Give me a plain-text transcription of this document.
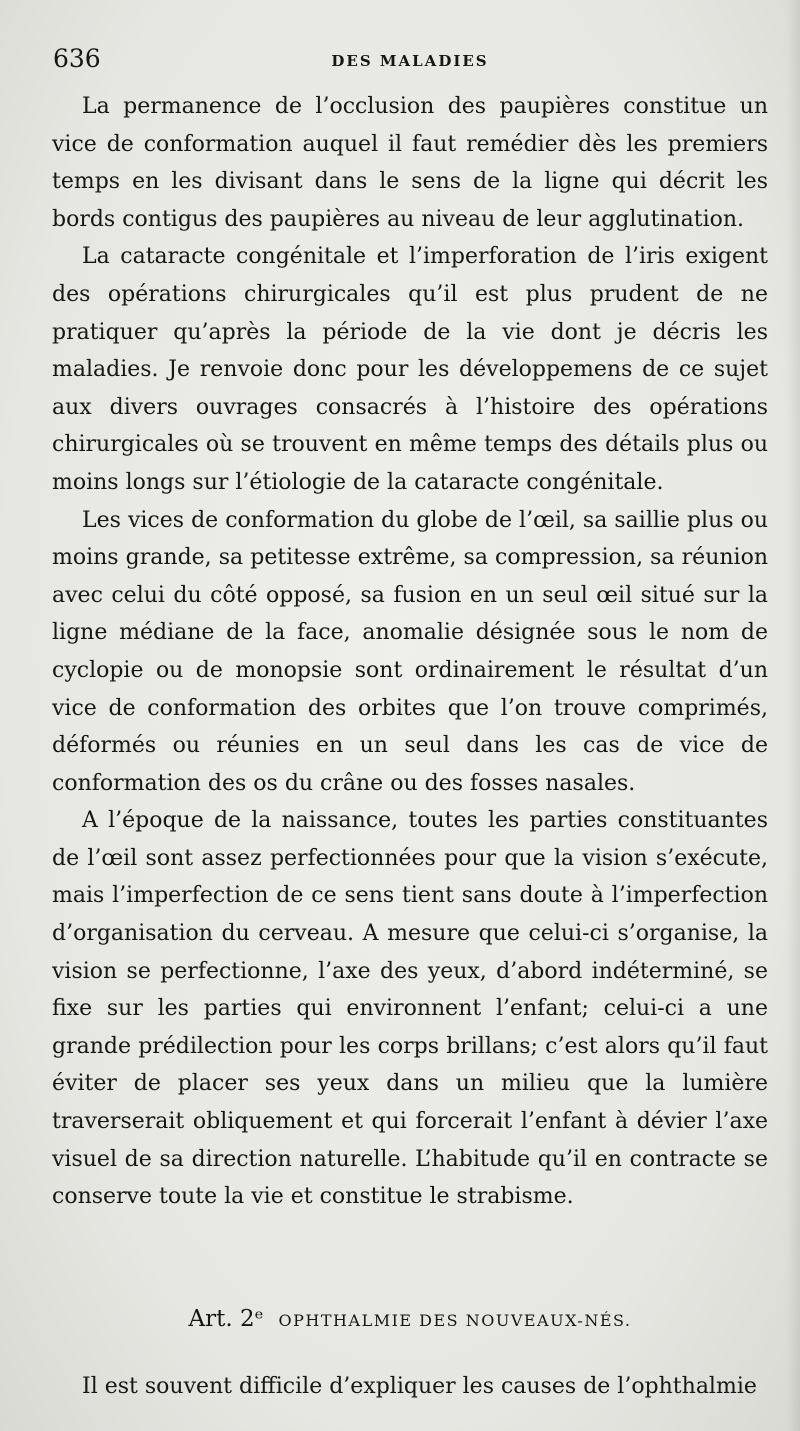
636	DES MALADIES

La permanence de l’occlusion des paupières constitue un vice de conformation auquel il faut remédier dès les premiers temps en les divisant dans le sens de la ligne qui décrit les bords contigus des paupières au niveau de leur agglutination.

La cataracte congénitale et l’imperforation de l’iris exigent des opérations chirurgicales qu’il est plus prudent de ne pratiquer qu’après la période de la vie dont je décris les maladies. Je renvoie donc pour les développemens de ce sujet aux divers ouvrages consacrés à l’histoire des opérations chirurgicales où se trouvent en même temps des détails plus ou moins longs sur l’étiologie de la cataracte congénitale.

Les vices de conformation du globe de l’œil, sa saillie plus ou moins grande, sa petitesse extrême, sa compression, sa réunion avec celui du côté opposé, sa fusion en un seul œil situé sur la ligne médiane de la face, anomalie désignée sous le nom de cyclopie ou de monopsie sont ordinairement le résultat d’un vice de conformation des orbites que l’on trouve comprimés, déformés ou réunies en un seul dans les cas de vice de conformation des os du crâne ou des fosses nasales.

A l’époque de la naissance, toutes les parties constituantes de l’œil sont assez perfectionnées pour que la vision s’exécute, mais l’imperfection de ce sens tient sans doute à l’imperfection d’organisation du cerveau. A mesure que celui-ci s’organise, la vision se perfectionne, l’axe des yeux, d’abord indéterminé, se fixe sur les parties qui environnent l’enfant; celui-ci a une grande prédilection pour les corps brillans; c’est alors qu’il faut éviter de placer ses yeux dans un milieu que la lumière traverserait obliquement et qui forcerait l’enfant à dévier l’axe visuel de sa direction naturelle. L’habitude qu’il en contracte se conserve toute la vie et constitue le strabisme.

Art. 2ᵉ OPHTHALMIE DES NOUVEAUX-NÉS.

Il est souvent difficile d’expliquer les causes de l’ophthalmie
